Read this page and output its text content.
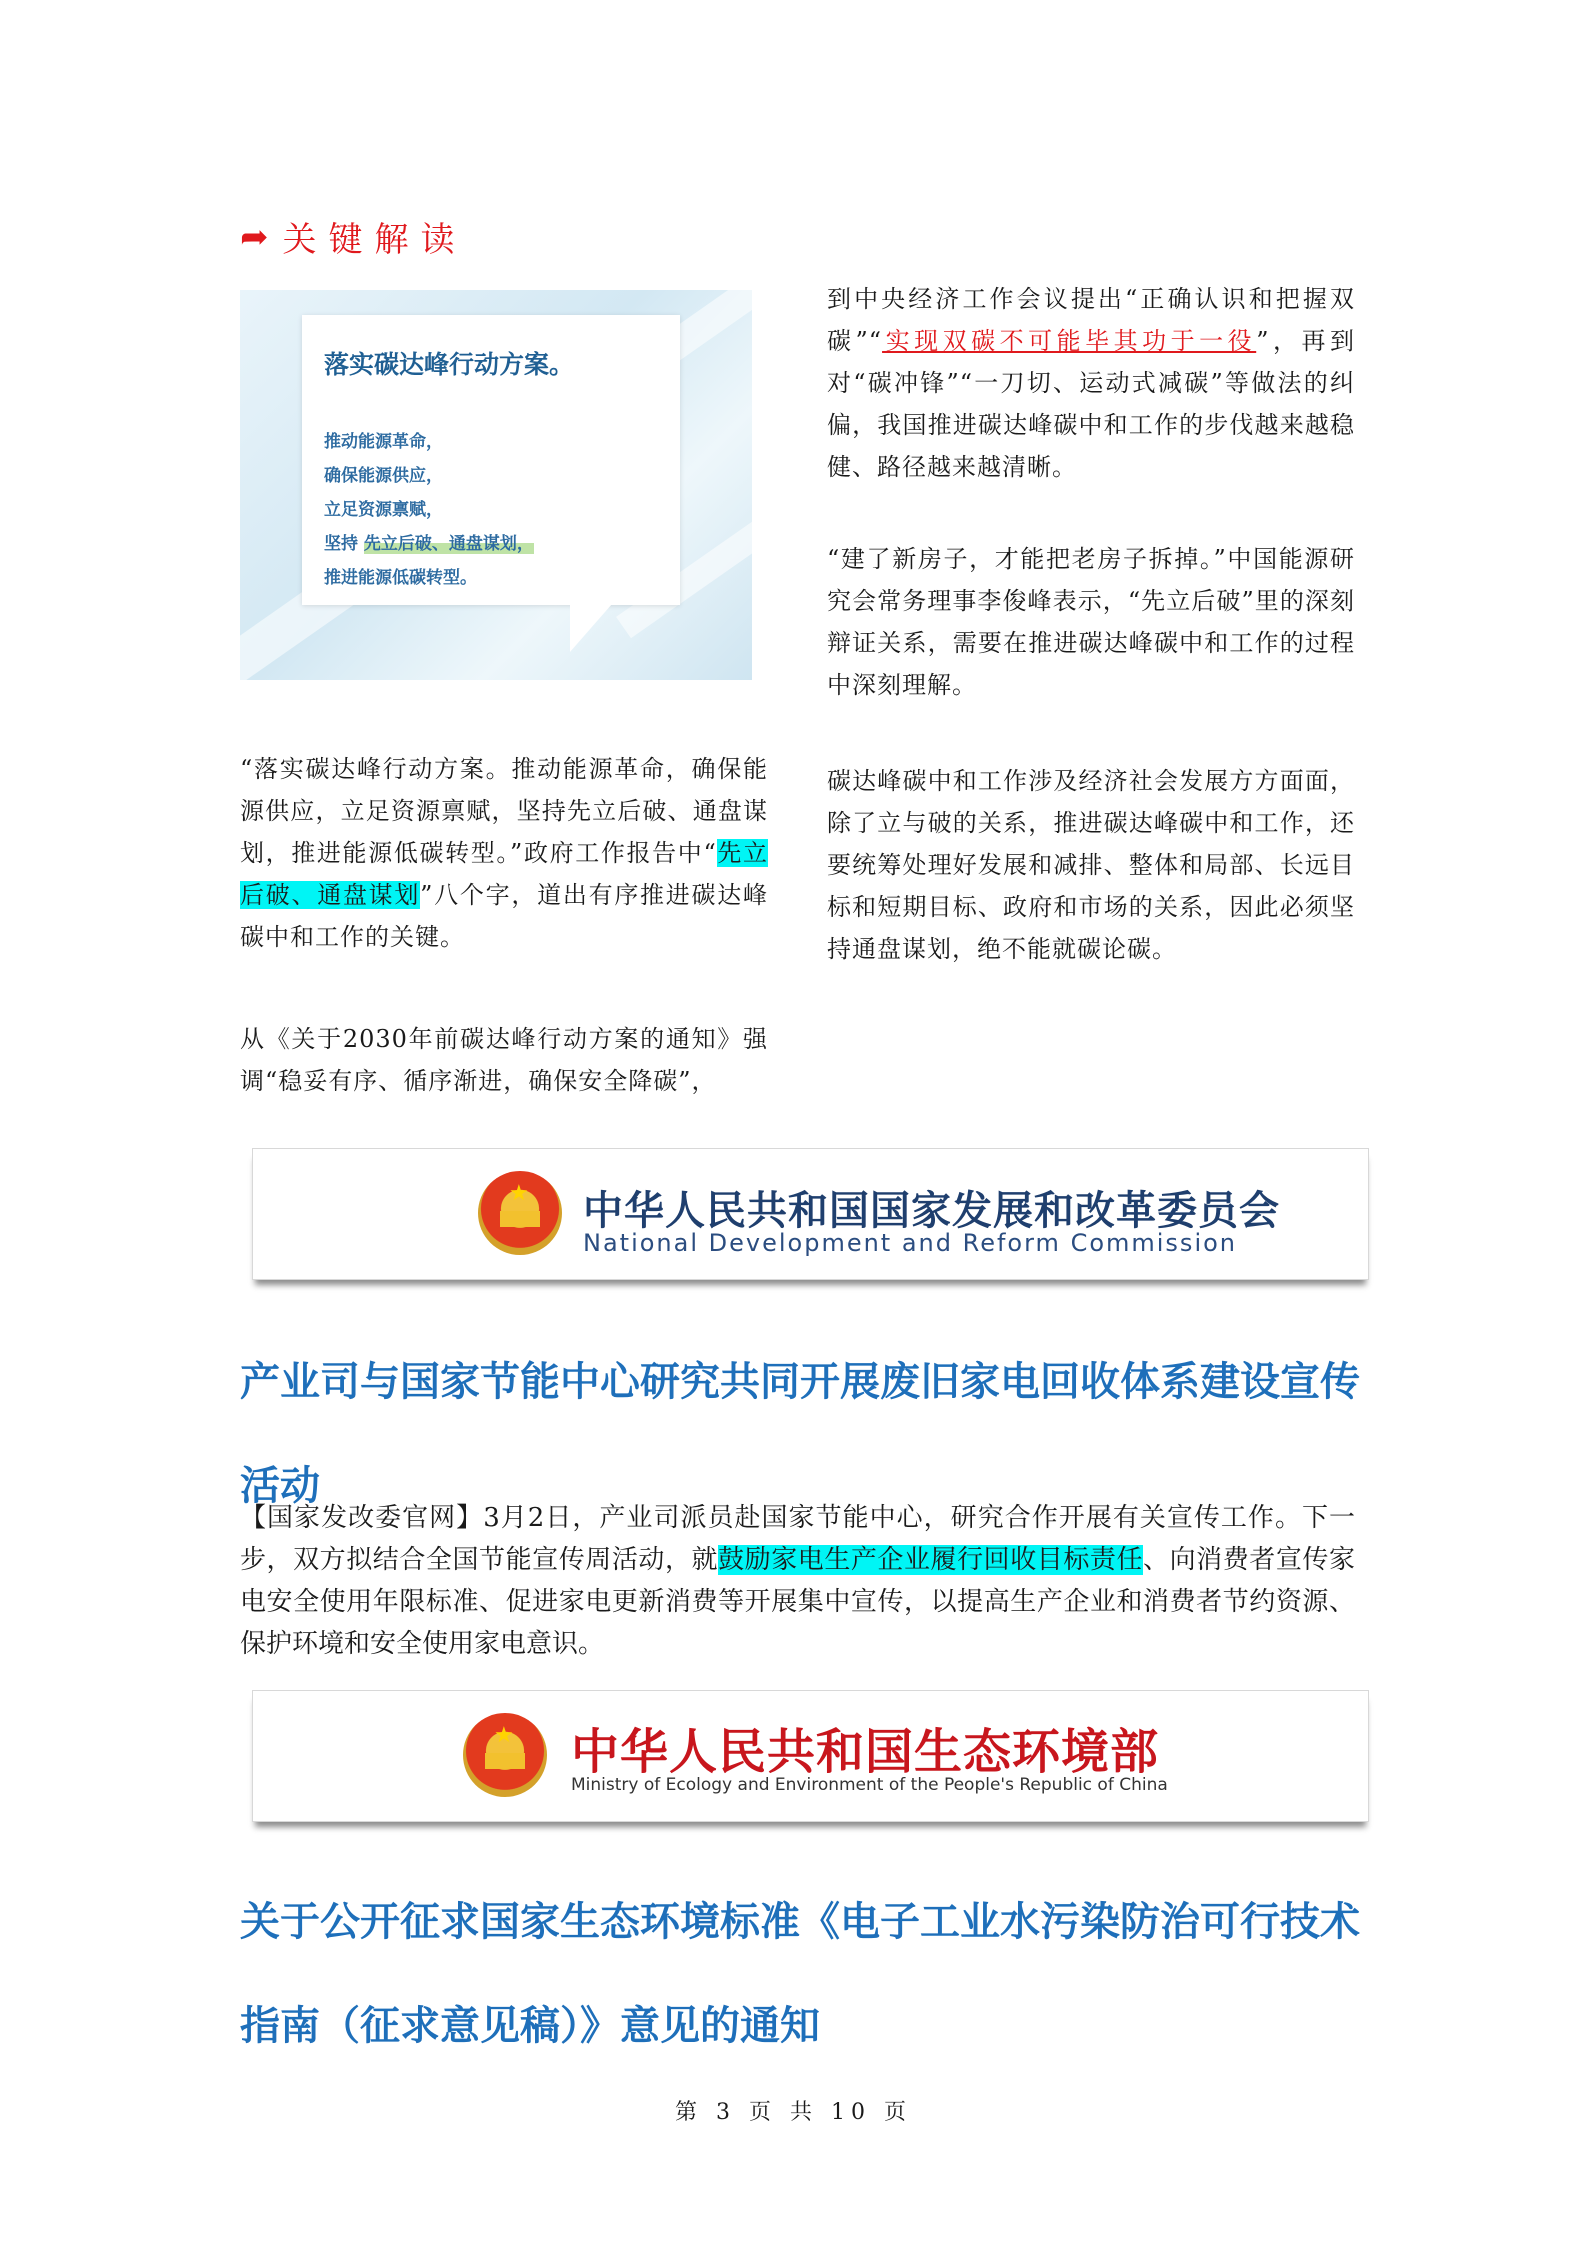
➦ 关键解读
落实碳达峰行动方案。
推动能源革命，
确保能源供应，
立足资源禀赋，
坚持 先立后破、通盘谋划，
推进能源低碳转型。
“落实碳达峰行动方案。推动能源革命，确保能源供应，立足资源禀赋，坚持先立后破、通盘谋划，推进能源低碳转型。”政府工作报告中“先立后破、通盘谋划”八个字，道出有序推进碳达峰碳中和工作的关键。
从《关于2030年前碳达峰行动方案的通知》强调“稳妥有序、循序渐进，确保安全降碳”，
到中央经济工作会议提出“正确认识和把握双碳”“实现双碳不可能毕其功于一役”，再到对“碳冲锋”“一刀切、运动式减碳”等做法的纠偏，我国推进碳达峰碳中和工作的步伐越来越稳健、路径越来越清晰。
“建了新房子，才能把老房子拆掉。”中国能源研究会常务理事李俊峰表示，“先立后破”里的深刻辩证关系，需要在推进碳达峰碳中和工作的过程中深刻理解。
碳达峰碳中和工作涉及经济社会发展方方面面，除了立与破的关系，推进碳达峰碳中和工作，还要统筹处理好发展和减排、整体和局部、长远目标和短期目标、政府和市场的关系，因此必须坚持通盘谋划，绝不能就碳论碳。
★ 中华人民共和国国家发展和改革委员会
National Development and Reform Commission
产业司与国家节能中心研究共同开展废旧家电回收体系建设宣传活动
【国家发改委官网】3月2日，产业司派员赴国家节能中心，研究合作开展有关宣传工作。下一步，双方拟结合全国节能宣传周活动，就鼓励家电生产企业履行回收目标责任、向消费者宣传家电安全使用年限标准、促进家电更新消费等开展集中宣传，以提高生产企业和消费者节约资源、保护环境和安全使用家电意识。
★ 中华人民共和国生态环境部
Ministry of Ecology and Environment of the People's Republic of China
关于公开征求国家生态环境标准《电子工业水污染防治可行技术指南（征求意见稿）》意见的通知
第 3 页 共 10 页
